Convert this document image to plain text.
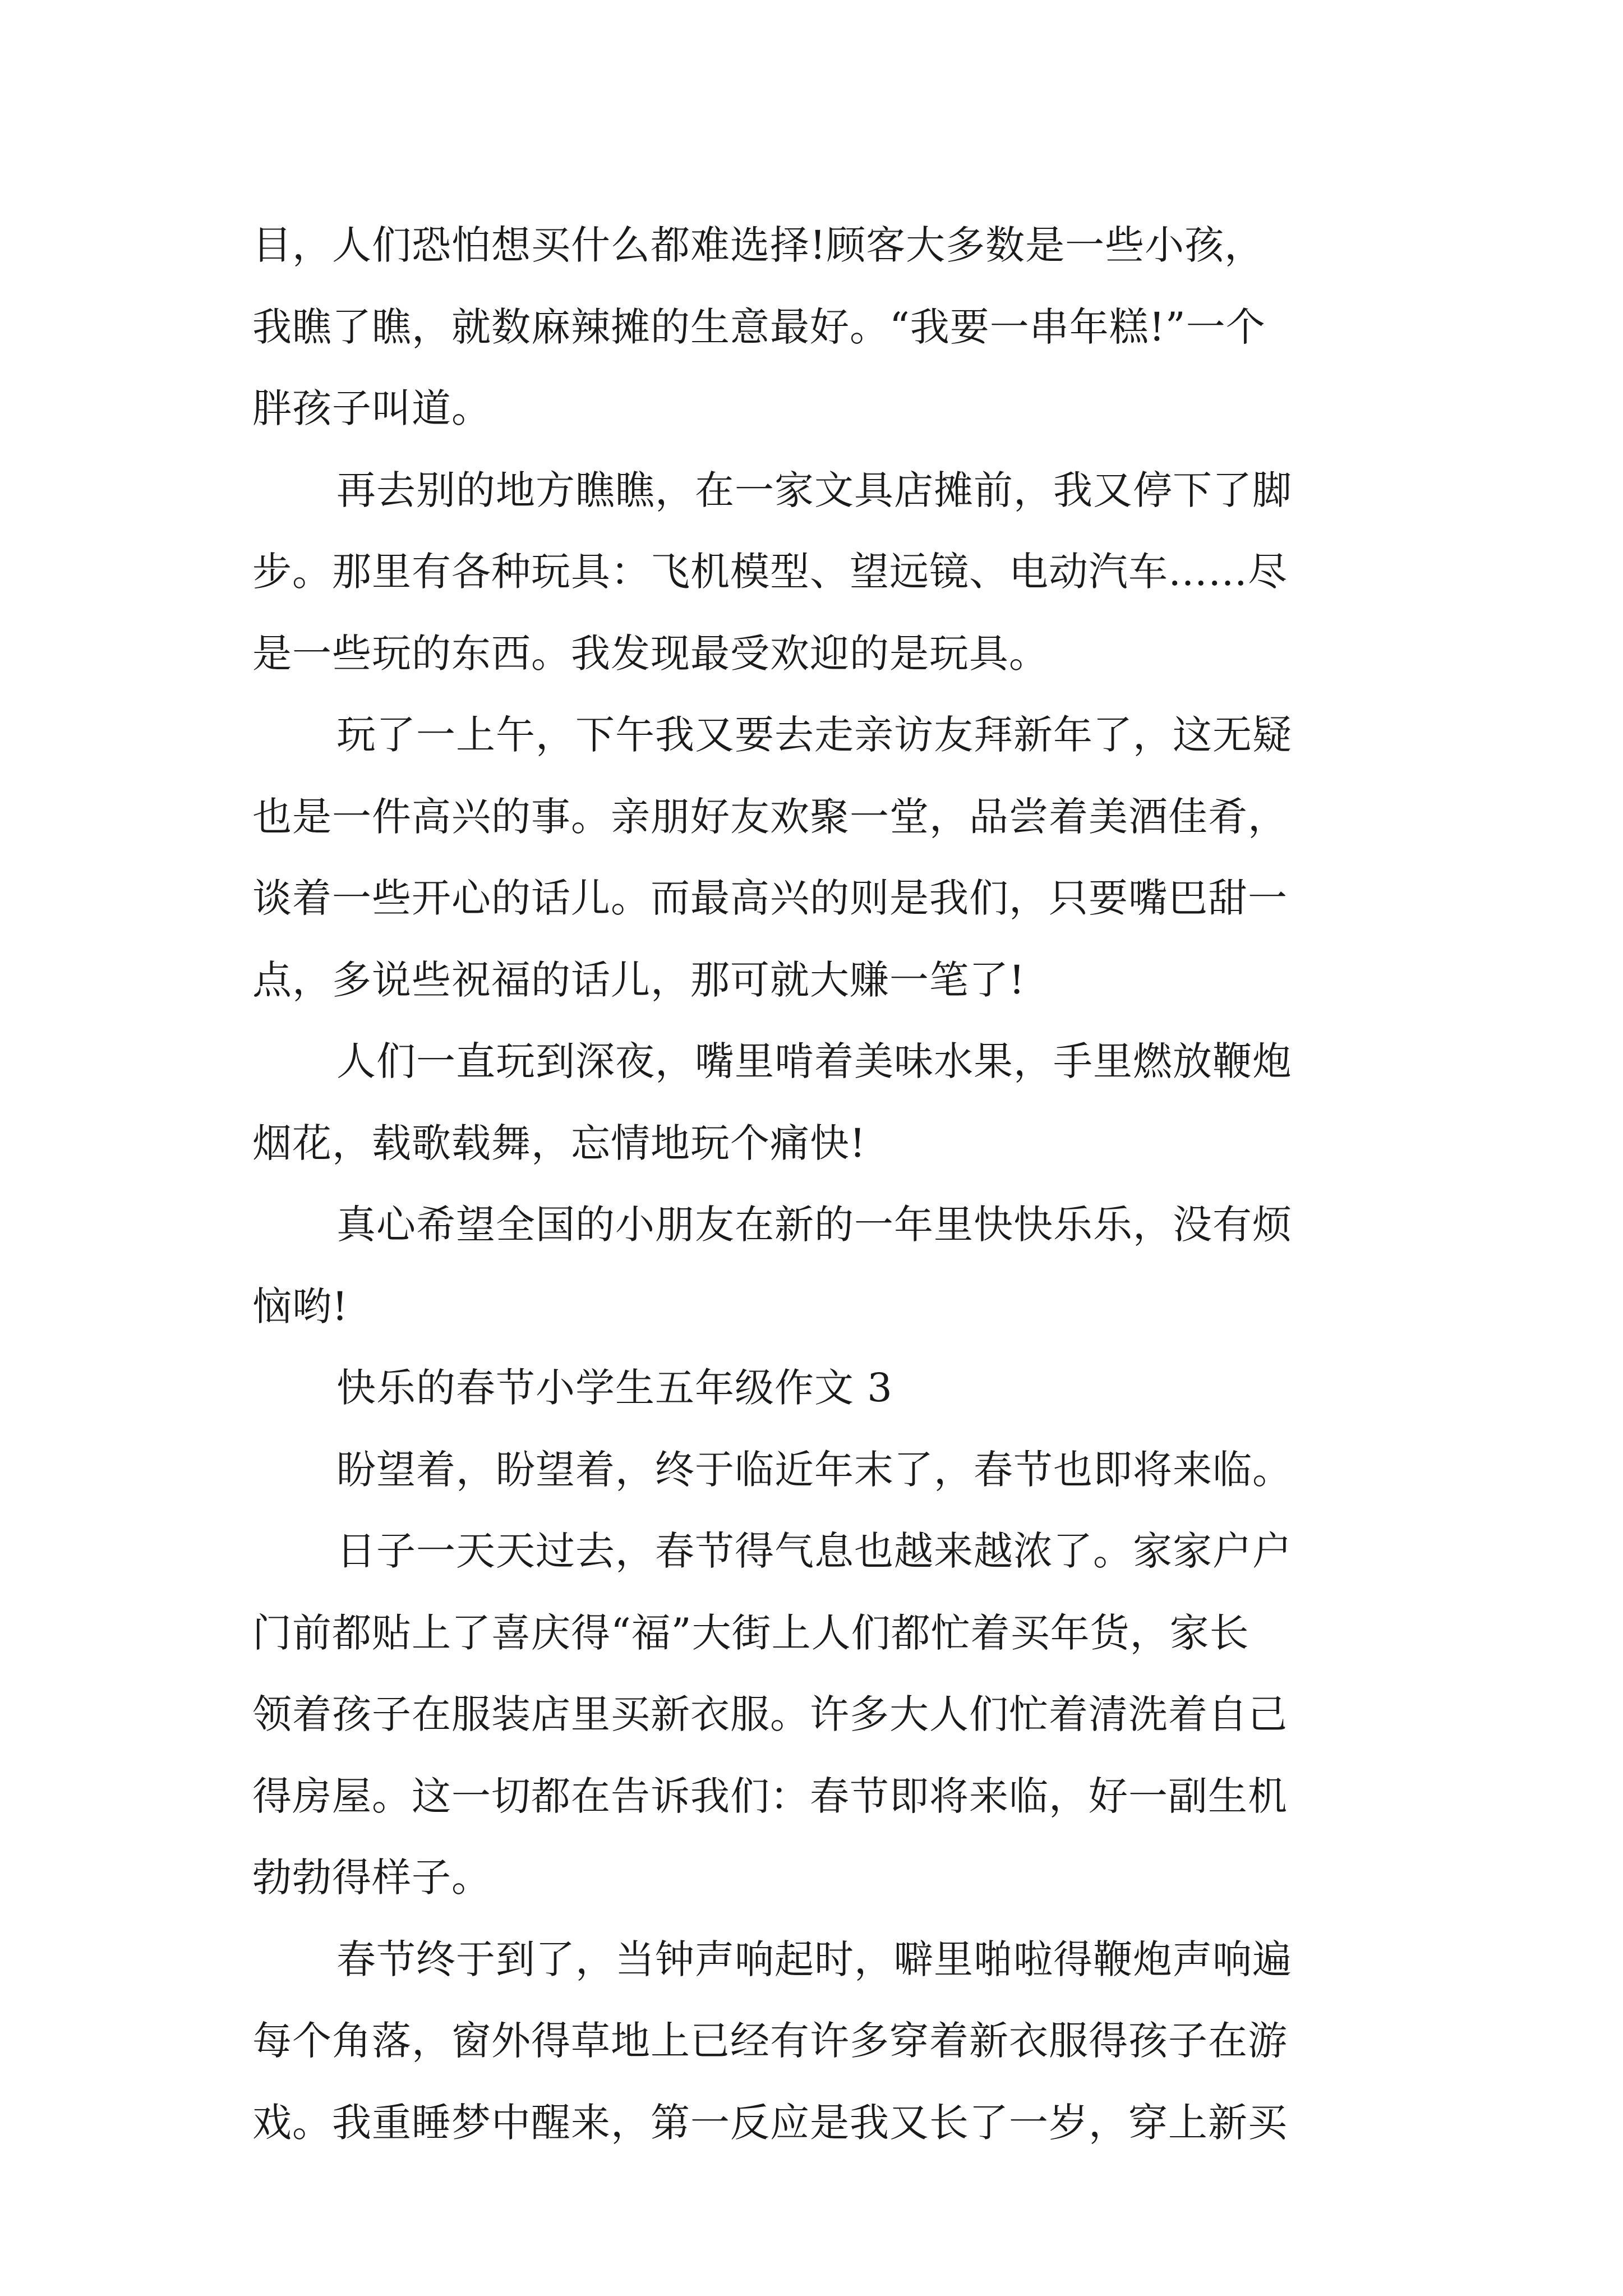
目，人们恐怕想买什么都难选择!顾客大多数是一些小孩，
我瞧了瞧，就数麻辣摊的生意最好。“我要一串年糕!”一个
胖孩子叫道。
再去别的地方瞧瞧，在一家文具店摊前，我又停下了脚
步。那里有各种玩具：飞机模型、望远镜、电动汽车……尽
是一些玩的东西。我发现最受欢迎的是玩具。
玩了一上午，下午我又要去走亲访友拜新年了，这无疑
也是一件高兴的事。亲朋好友欢聚一堂，品尝着美酒佳肴，
谈着一些开心的话儿。而最高兴的则是我们，只要嘴巴甜一
点，多说些祝福的话儿，那可就大赚一笔了!
人们一直玩到深夜，嘴里啃着美味水果，手里燃放鞭炮
烟花，载歌载舞，忘情地玩个痛快!
真心希望全国的小朋友在新的一年里快快乐乐，没有烦
恼哟!
快乐的春节小学生五年级作文 3
盼望着，盼望着，终于临近年末了，春节也即将来临。
日子一天天过去，春节得气息也越来越浓了。家家户户
门前都贴上了喜庆得“福”大街上人们都忙着买年货，家长
领着孩子在服装店里买新衣服。许多大人们忙着清洗着自己
得房屋。这一切都在告诉我们：春节即将来临，好一副生机
勃勃得样子。
春节终于到了，当钟声响起时，噼里啪啦得鞭炮声响遍
每个角落，窗外得草地上已经有许多穿着新衣服得孩子在游
戏。我重睡梦中醒来，第一反应是我又长了一岁，穿上新买
